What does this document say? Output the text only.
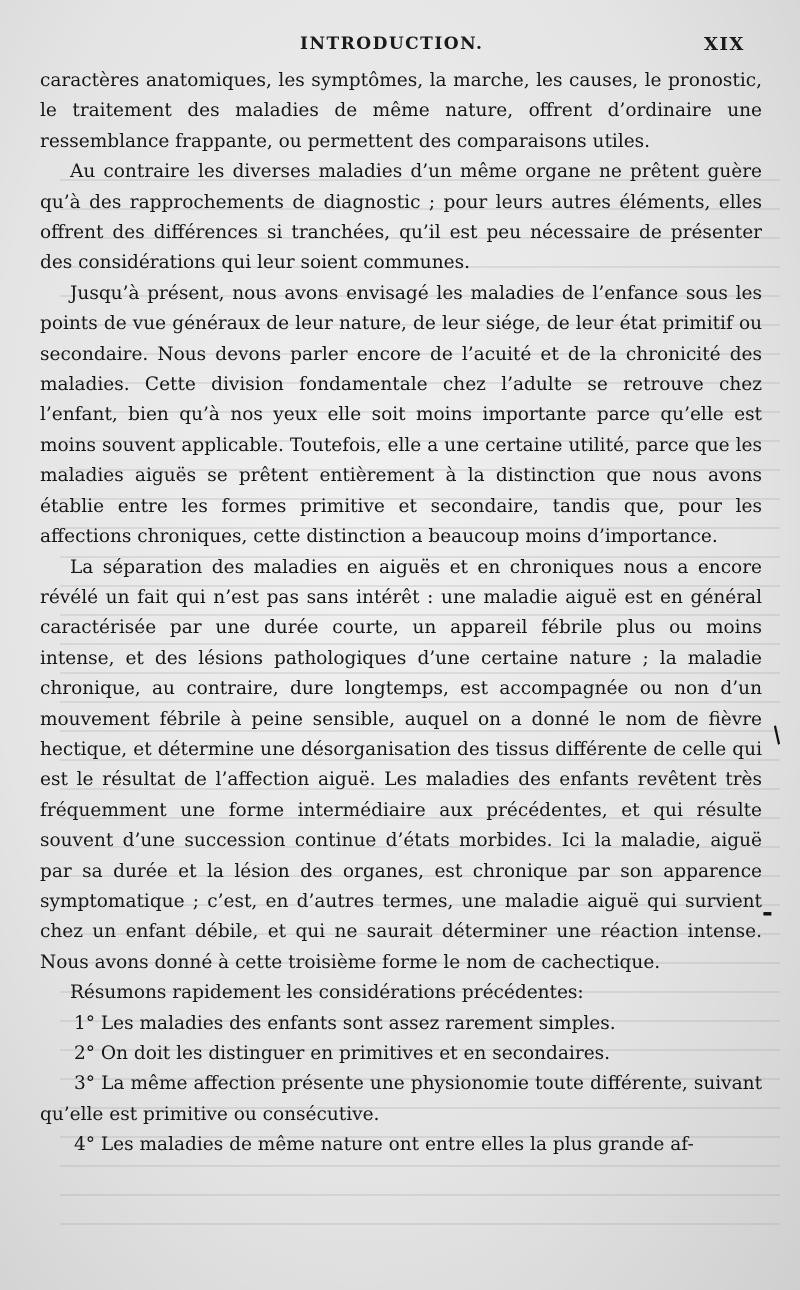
INTRODUCTION.	XIX

caractères anatomiques, les symptômes, la marche, les causes, le pronostic, le traitement des maladies de même nature, offrent d’ordinaire une ressemblance frappante, ou permettent des comparaisons utiles.

Au contraire les diverses maladies d’un même organe ne prêtent guère qu’à des rapprochements de diagnostic ; pour leurs autres éléments, elles offrent des différences si tranchées, qu’il est peu nécessaire de présenter des considérations qui leur soient communes.

Jusqu’à présent, nous avons envisagé les maladies de l’enfance sous les points de vue généraux de leur nature, de leur siége, de leur état primitif ou secondaire. Nous devons parler encore de l’acuité et de la chronicité des maladies. Cette division fondamentale chez l’adulte se retrouve chez l’enfant, bien qu’à nos yeux elle soit moins importante parce qu’elle est moins souvent applicable. Toutefois, elle a une certaine utilité, parce que les maladies aiguës se prêtent entièrement à la distinction que nous avons établie entre les formes primitive et secondaire, tandis que, pour les affections chroniques, cette distinction a beaucoup moins d’importance.

La séparation des maladies en aiguës et en chroniques nous a encore révélé un fait qui n’est pas sans intérêt : une maladie aiguë est en général caractérisée par une durée courte, un appareil fébrile plus ou moins intense, et des lésions pathologiques d’une certaine nature ; la maladie chronique, au contraire, dure longtemps, est accompagnée ou non d’un mouvement fébrile à peine sensible, auquel on a donné le nom de fièvre hectique, et détermine une désorganisation des tissus différente de celle qui est le résultat de l’affection aiguë. Les maladies des enfants revêtent très fréquemment une forme intermédiaire aux précédentes, et qui résulte souvent d’une succession continue d’états morbides. Ici la maladie, aiguë par sa durée et la lésion des organes, est chronique par son apparence symptomatique ; c’est, en d’autres termes, une maladie aiguë qui survient chez un enfant débile, et qui ne saurait déterminer une réaction intense. Nous avons donné à cette troisième forme le nom de cachectique.

Résumons rapidement les considérations précédentes:

1° Les maladies des enfants sont assez rarement simples.

2° On doit les distinguer en primitives et en secondaires.

3° La même affection présente une physionomie toute différente, suivant qu’elle est primitive ou consécutive.

4° Les maladies de même nature ont entre elles la plus grande af-

/
-
